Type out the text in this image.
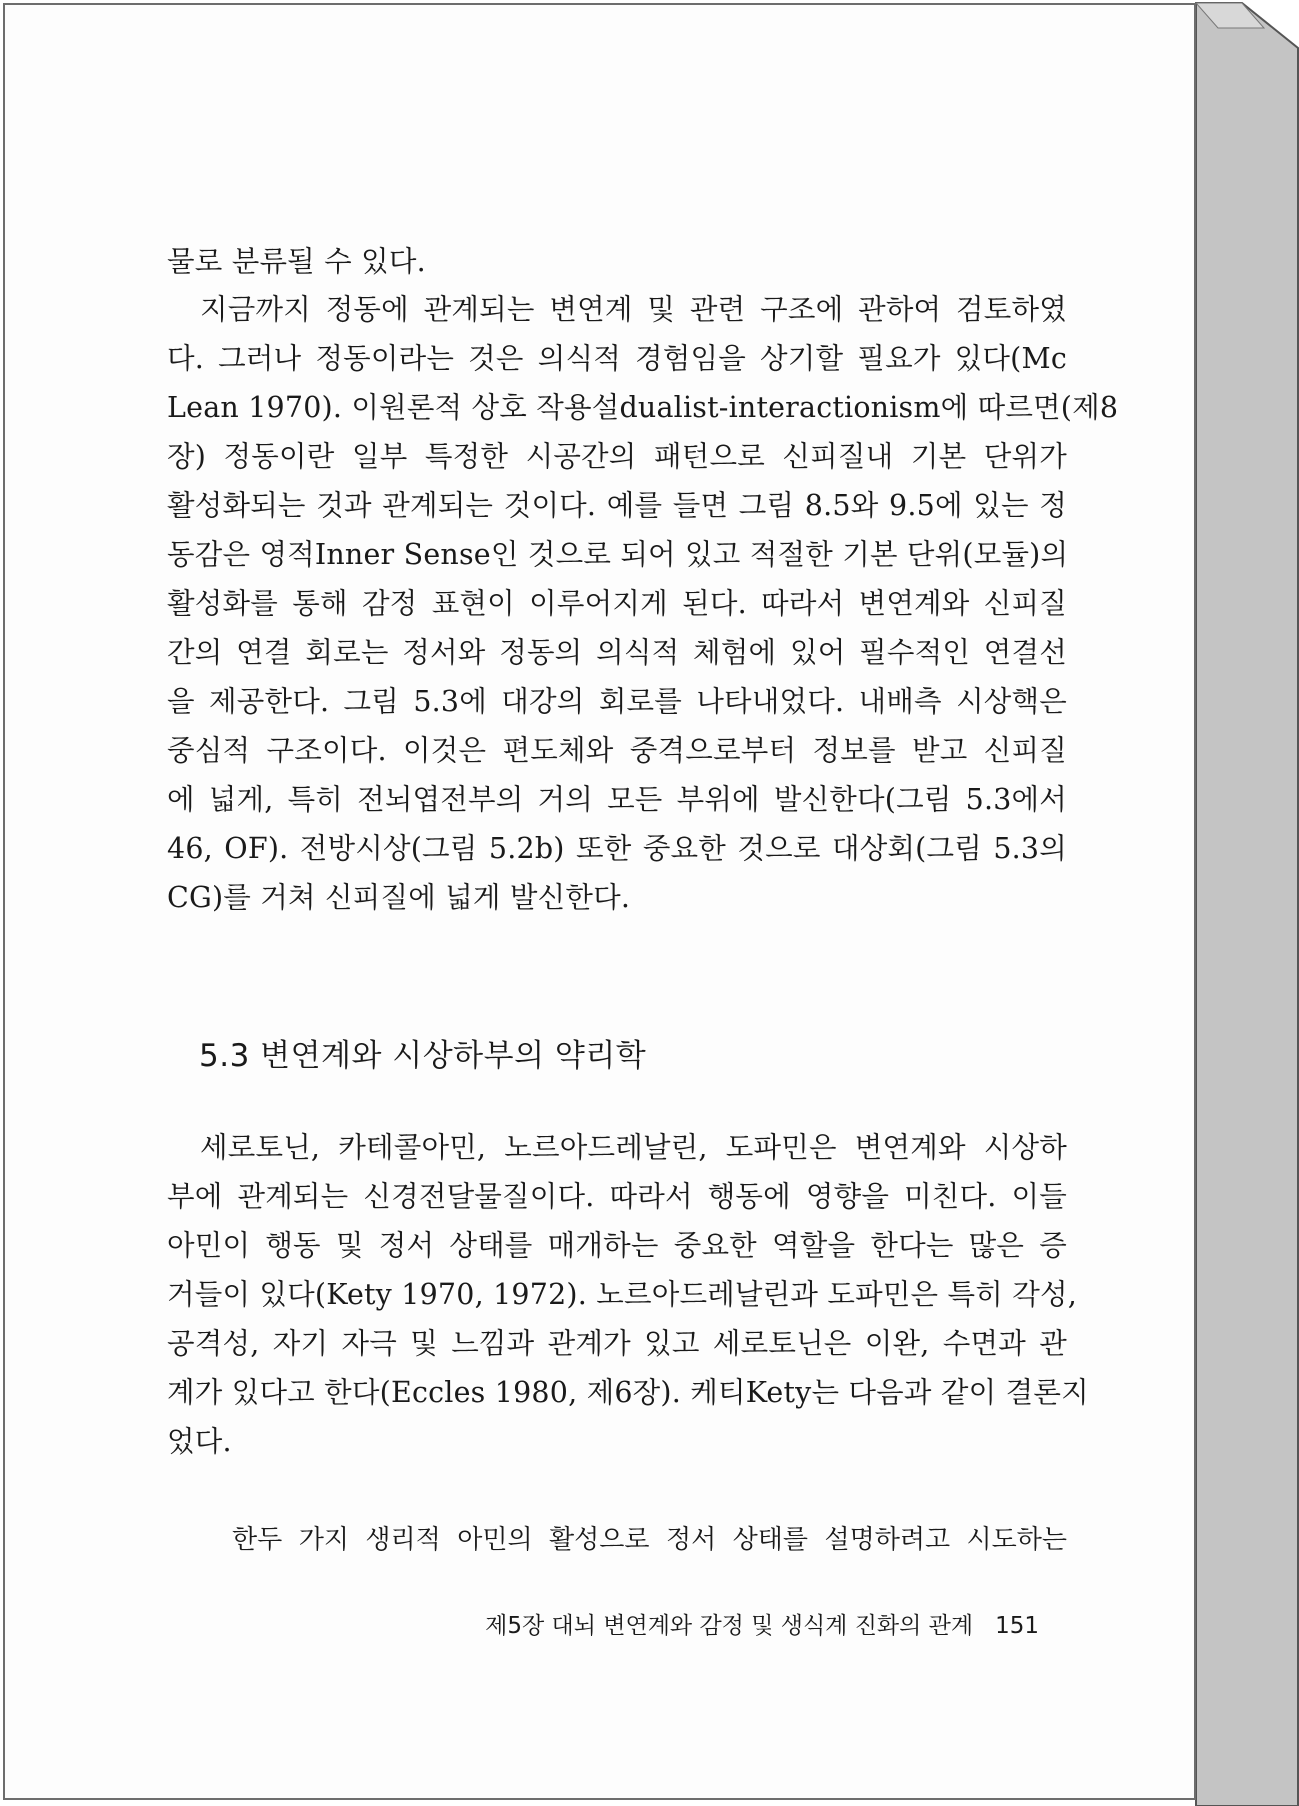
물로 분류될 수 있다.
지금까지 정동에 관계되는 변연계 및 관련 구조에 관하여 검토하였
다. 그러나 정동이라는 것은 의식적 경험임을 상기할 필요가 있다(Mc
Lean 1970). 이원론적 상호 작용설dualist-interactionism에 따르면(제8
장) 정동이란 일부 특정한 시공간의 패턴으로 신피질내 기본 단위가
활성화되는 것과 관계되는 것이다. 예를 들면 그림 8.5와 9.5에 있는 정
동감은 영적Inner Sense인 것으로 되어 있고 적절한 기본 단위(모듈)의
활성화를 통해 감정 표현이 이루어지게 된다. 따라서 변연계와 신피질
간의 연결 회로는 정서와 정동의 의식적 체험에 있어 필수적인 연결선
을 제공한다. 그림 5.3에 대강의 회로를 나타내었다. 내배측 시상핵은
중심적 구조이다. 이것은 편도체와 중격으로부터 정보를 받고 신피질
에 넓게, 특히 전뇌엽전부의 거의 모든 부위에 발신한다(그림 5.3에서
46, OF). 전방시상(그림 5.2b) 또한 중요한 것으로 대상회(그림 5.3의
CG)를 거쳐 신피질에 넓게 발신한다.
5.3 변연계와 시상하부의 약리학
세로토닌, 카테콜아민, 노르아드레날린, 도파민은 변연계와 시상하
부에 관계되는 신경전달물질이다. 따라서 행동에 영향을 미친다. 이들
아민이 행동 및 정서 상태를 매개하는 중요한 역할을 한다는 많은 증
거들이 있다(Kety 1970, 1972). 노르아드레날린과 도파민은 특히 각성,
공격성, 자기 자극 및 느낌과 관계가 있고 세로토닌은 이완, 수면과 관
계가 있다고 한다(Eccles 1980, 제6장). 케티Kety는 다음과 같이 결론지
었다.
한두 가지 생리적 아민의 활성으로 정서 상태를 설명하려고 시도하는
제5장 대뇌 변연계와 감정 및 생식계 진화의 관계 151
